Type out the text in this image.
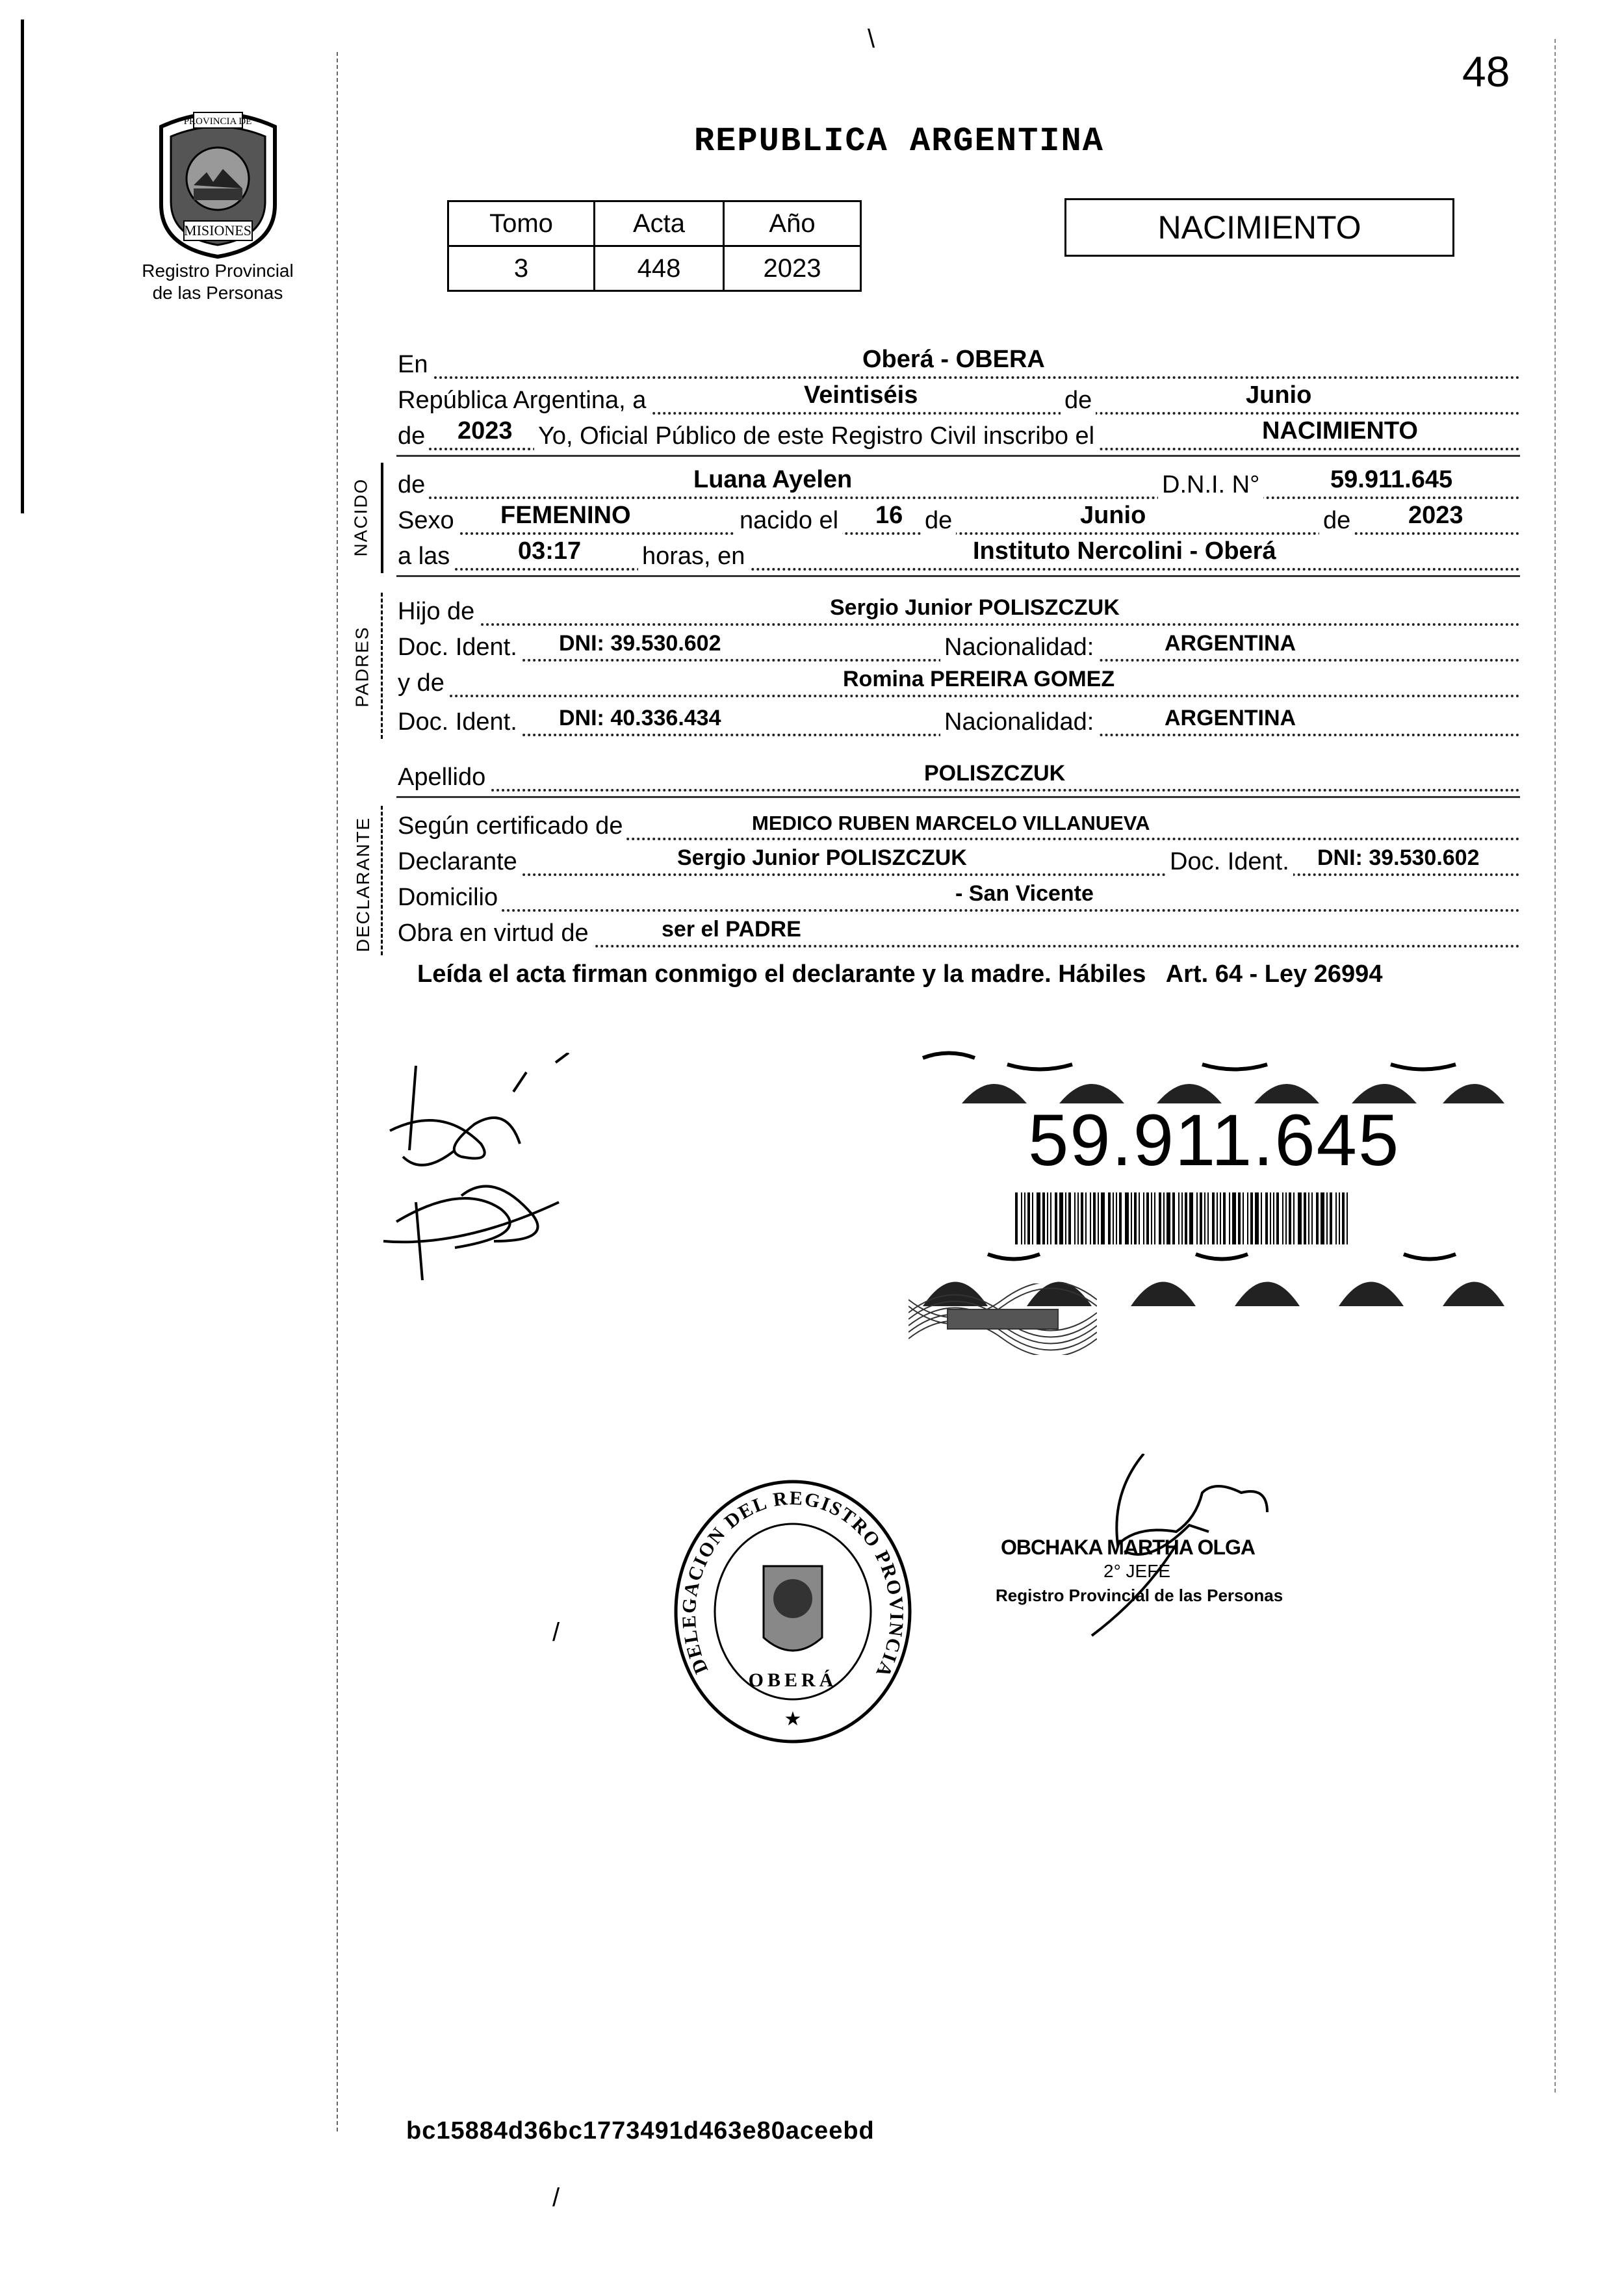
48
REPUBLICA ARGENTINA
PROVINCIA DE
MISIONES
Registro Provincial
de las Personas
Tomo	Acta	Año
3	448	2023
NACIMIENTO
En	Oberá - OBERA
República Argentina, a	Veintiséis	de	Junio
de 2023 Yo, Oficial Público de este Registro Civil inscribo el	NACIMIENTO
NACIDO de	Luana Ayelen	D.N.I. N°	59.911.645
Sexo FEMENINO	nacido el 16 de	Junio	de 2023
a las	03:17 horas, en	Instituto Nercolini - Oberá
PADRES
Hijo de	Sergio Junior POLISZCZUK
Doc. Ident. DNI: 39.530.602	Nacionalidad:	ARGENTINA
y de	Romina PEREIRA GOMEZ
Doc. Ident. DNI: 40.336.434	Nacionalidad:	ARGENTINA
Apellido	POLISZCZUK
DECLARANTE Según certificado de	MEDICO RUBEN MARCELO VILLANUEVA
Declarante	Sergio Junior POLISZCZUK	Doc. Ident. DNI: 39.530.602
Domicilio	- San Vicente
Obra en virtud de	ser el PADRE
Leída el acta firman conmigo el declarante y la madre. Hábiles Art. 64 - Ley 26994
59.911.645
DELEGACION DEL REGISTRO PROVINCIA
OBERÁ
★
OBCHAKA MARTHA OLGA
2° JEFE
Registro Provincial de las Personas
\
/
/
bc15884d36bc1773491d463e80aceebd
